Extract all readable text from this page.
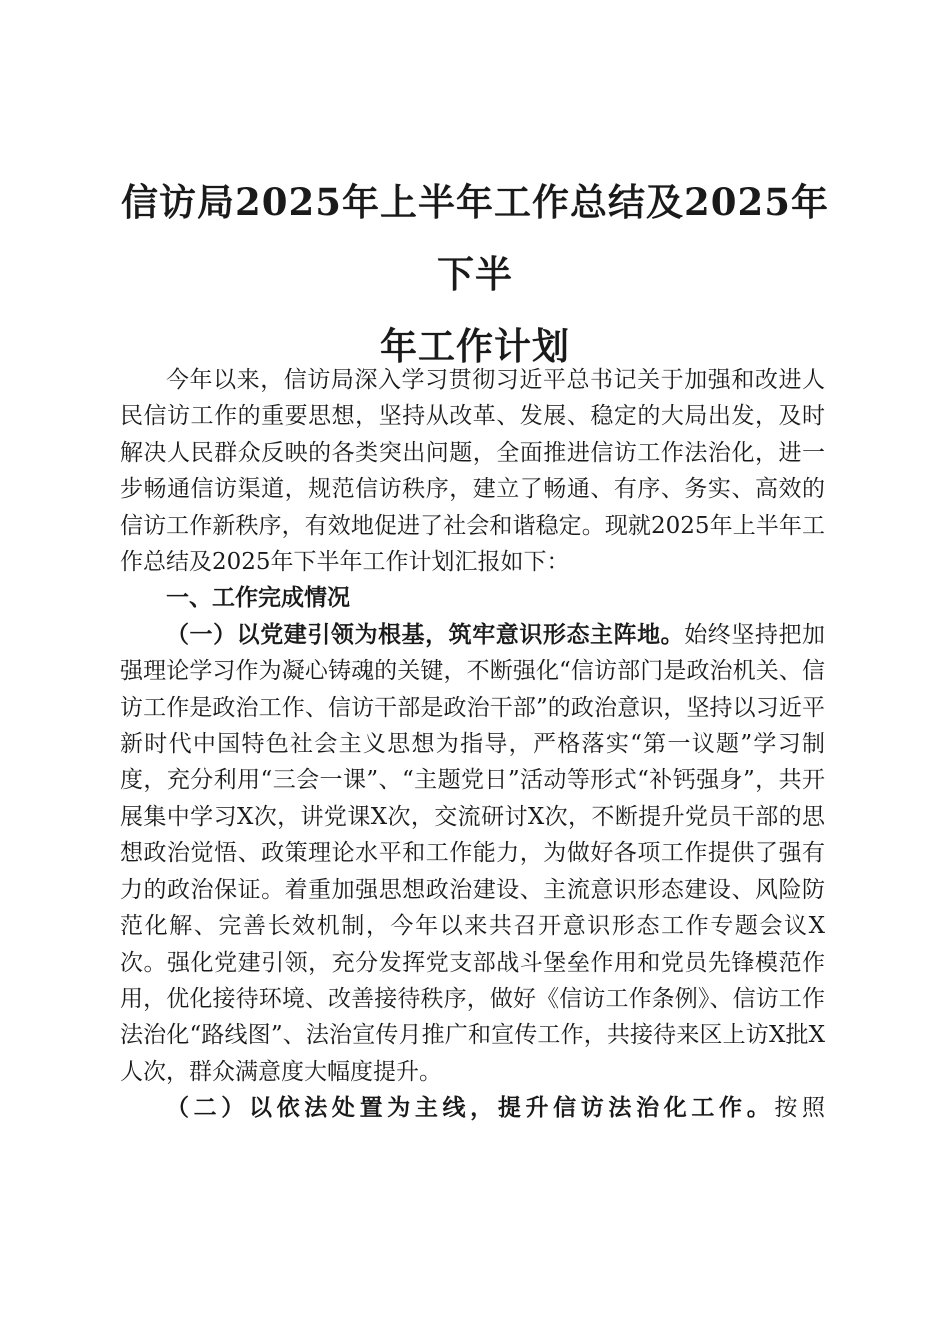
信访局2025年上半年工作总结及2025年下半
年工作计划

今年以来，信访局深入学习贯彻习近平总书记关于加强和改进人民信访工作的重要思想，坚持从改革、发展、稳定的大局出发，及时解决人民群众反映的各类突出问题，全面推进信访工作法治化，进一步畅通信访渠道，规范信访秩序，建立了畅通、有序、务实、高效的信访工作新秩序，有效地促进了社会和谐稳定。现就2025年上半年工作总结及2025年下半年工作计划汇报如下：

一、工作完成情况

（一）以党建引领为根基，筑牢意识形态主阵地。始终坚持把加强理论学习作为凝心铸魂的关键，不断强化“信访部门是政治机关、信访工作是政治工作、信访干部是政治干部”的政治意识，坚持以习近平新时代中国特色社会主义思想为指导，严格落实“第一议题”学习制度，充分利用“三会一课”、“主题党日”活动等形式“补钙强身”，共开展集中学习X次，讲党课X次，交流研讨X次，不断提升党员干部的思想政治觉悟、政策理论水平和工作能力，为做好各项工作提供了强有力的政治保证。着重加强思想政治建设、主流意识形态建设、风险防范化解、完善长效机制，今年以来共召开意识形态工作专题会议X次。强化党建引领，充分发挥党支部战斗堡垒作用和党员先锋模范作用，优化接待环境、改善接待秩序，做好《信访工作条例》、信访工作法治化“路线图”、法治宣传月推广和宣传工作，共接待来区上访X批X人次，群众满意度大幅度提升。

（二）以依法处置为主线，提升信访法治化工作。按照
